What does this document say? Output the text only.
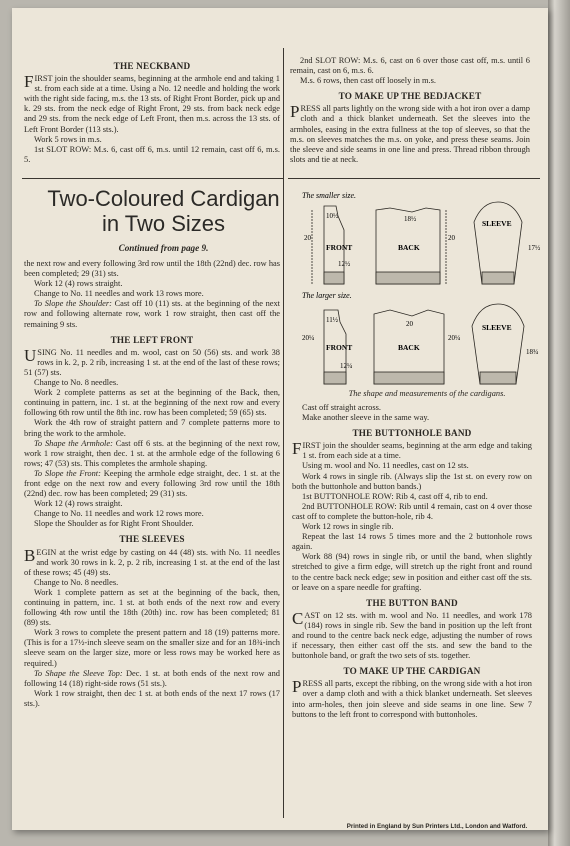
THE NECKBAND

FIRST join the shoulder seams, beginning at the armhole end and taking 1 st. from each side at a time. Using a No. 12 needle and holding the work with the right side facing, m.s. the 13 sts. of Right Front Border, pick up and k. 29 sts. from the neck edge of Right Front, 29 sts. from back neck edge and 29 sts. from the neck edge of Left Front, then m.s. across the 13 sts. of Left Front Border (113 sts.).

Work 5 rows in m.s.

1st SLOT ROW: M.s. 6, cast off 6, m.s. until 12 remain, cast off 6, m.s. 5.

2nd SLOT ROW: M.s. 6, cast on 6 over those cast off, m.s. until 6 remain, cast on 6, m.s. 6.

M.s. 6 rows, then cast off loosely in m.s.

TO MAKE UP THE BEDJACKET

PRESS all parts lightly on the wrong side with a hot iron over a damp cloth and a thick blanket underneath. Set the sleeves into the armholes, easing in the extra fullness at the top of sleeves, so that the m.s. on sleeves matches the m.s. on yoke, and press these seams. Join the sleeve and side seams in one line and press. Thread ribbon through slots and tie at neck.

Two-Coloured Cardigan
in Two Sizes
Continued from page 9.

the next row and every following 3rd row until the 18th (22nd) dec. row has been completed; 29 (31) sts.

Work 12 (4) rows straight.

Change to No. 11 needles and work 13 rows more.

To Slope the Shoulder: Cast off 10 (11) sts. at the beginning of the next row and following alternate row, work 1 row straight, then cast off the remaining 9 sts.

THE LEFT FRONT

USING No. 11 needles and m. wool, cast on 50 (56) sts. and work 38 rows in k. 2, p. 2 rib, increasing 1 st. at the end of the last of these rows; 51 (57) sts.

Change to No. 8 needles.

Work 2 complete patterns as set at the beginning of the Back, then, continuing in pattern, inc. 1 st. at the beginning of the next row and every following 6th row until the 8th inc. row has been completed; 59 (65) sts.

Work the 4th row of straight pattern and 7 complete patterns more to bring the work to the armhole.

To Shape the Armhole: Cast off 6 sts. at the beginning of the next row, work 1 row straight, then dec. 1 st. at the armhole edge of the following 6 rows; 47 (53) sts. This completes the armhole shaping.

To Slope the Front: Keeping the armhole edge straight, dec. 1 st. at the front edge on the next row and every following 3rd row until the 18th (22nd) dec. row has been completed; 29 (31) sts.

Work 12 (4) rows straight.

Change to No. 11 needles and work 12 rows more.

Slope the Shoulder as for Right Front Shoulder.

THE SLEEVES

BEGIN at the wrist edge by casting on 44 (48) sts. with No. 11 needles and work 30 rows in k. 2, p. 2 rib, increasing 1 st. at the end of the last of these rows; 45 (49) sts.

Change to No. 8 needles.

Work 1 complete pattern as set at the beginning of the back, then, continuing in pattern, inc. 1 st. at both ends of the next row and every following 4th row until the 18th (20th) inc. row has been completed; 81 (89) sts.

Work 3 rows to complete the present pattern and 18 (19) patterns more. (This is for a 17½-inch sleeve seam on the smaller size and for an 18¾-inch sleeve seam on the larger size, more or less rows may be worked here as required.)

To Shape the Sleeve Top: Dec. 1 st. at both ends of the next row and following 14 (18) right-side rows (51 sts.).

Work 1 row straight, then dec 1 st. at both ends of the next 17 rows (17 sts.).

The smaller size.
FRONT
20
10½
12½
BACK
18½
20
SLEEVE
17½
The larger size.
FRONT
20¼
11½
12¼
BACK
20
20¼
SLEEVE
18¾
The shape and measurements of the cardigans.

Cast off straight across.

Make another sleeve in the same way.

THE BUTTONHOLE BAND

FIRST join the shoulder seams, beginning at the arm edge and taking 1 st. from each side at a time.

Using m. wool and No. 11 needles, cast on 12 sts.

Work 4 rows in single rib. (Always slip the 1st st. on every row on both the buttonhole and button bands.)

1st BUTTONHOLE ROW: Rib 4, cast off 4, rib to end.

2nd BUTTONHOLE ROW: Rib until 4 remain, cast on 4 over those cast off to complete the button-hole, rib 4.

Work 12 rows in single rib.

Repeat the last 14 rows 5 times more and the 2 buttonhole rows again.

Work 88 (94) rows in single rib, or until the band, when slightly stretched to give a firm edge, will stretch up the right front and round to the centre back neck edge; sew in position and either cast off the sts. or leave on a spare needle for grafting.

THE BUTTON BAND

CAST on 12 sts. with m. wool and No. 11 needles, and work 178 (184) rows in single rib. Sew the band in position up the left front and round to the centre back neck edge, adjusting the number of rows if necessary, then either cast off the sts. and sew the band to the buttonhole band, or graft the two sets of sts. together.

TO MAKE UP THE CARDIGAN

PRESS all parts, except the ribbing, on the wrong side with a hot iron over a damp cloth and with a thick blanket underneath. Set sleeves into arm-holes, then join sleeve and side seams in one line. Sew 7 buttons to the left front to correspond with buttonholes.

Printed in England by Sun Printers Ltd., London and Watford.
